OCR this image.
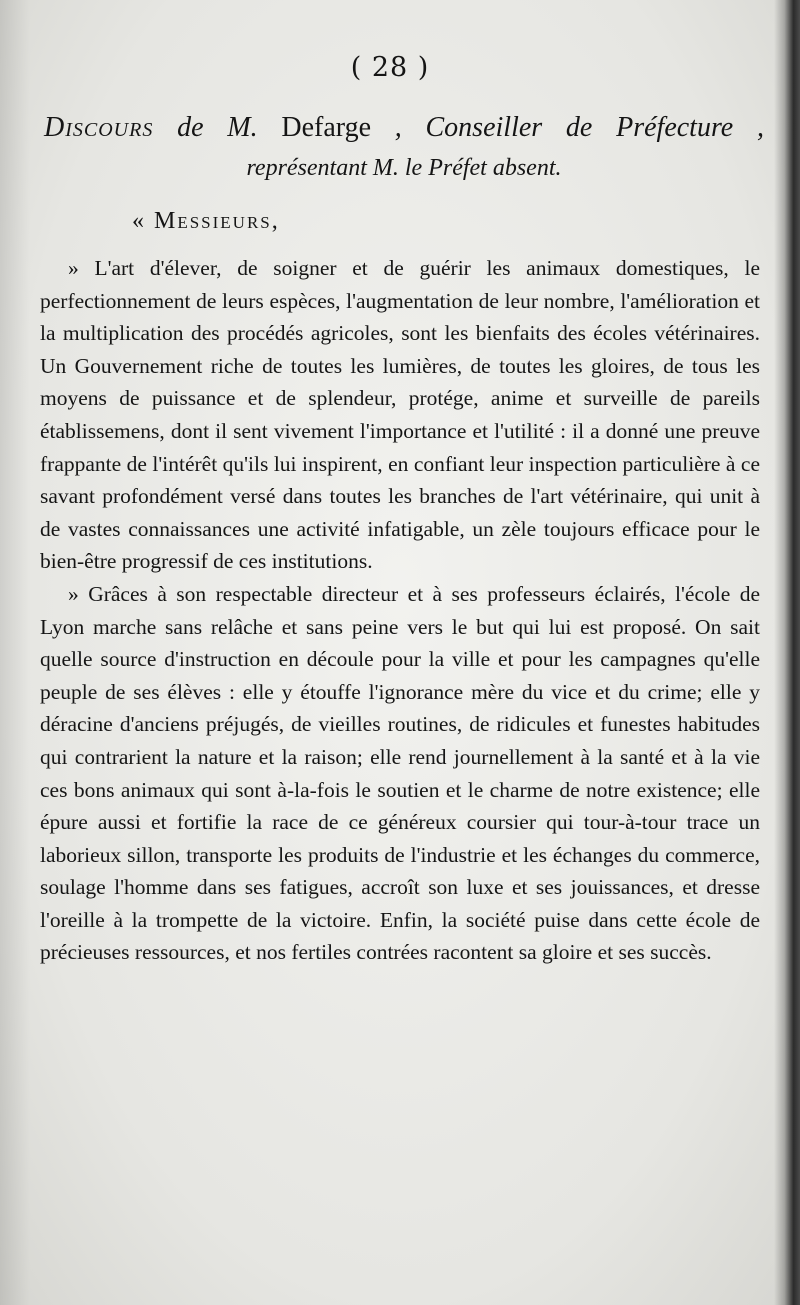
( 28 )
Discours de M. Defarge , Conseiller de Préfecture ,
représentant M. le Préfet absent.
« Messieurs,

» L'art d'élever, de soigner et de guérir les animaux domestiques, le perfectionnement de leurs espèces, l'augmentation de leur nombre, l'amélioration et la multiplication des procédés agricoles, sont les bienfaits des écoles vétérinaires. Un Gouvernement riche de toutes les lumières, de toutes les gloires, de tous les moyens de puissance et de splendeur, protége, anime et surveille de pareils établissemens, dont il sent vivement l'importance et l'utilité : il a donné une preuve frappante de l'intérêt qu'ils lui inspirent, en confiant leur inspection particulière à ce savant profondément versé dans toutes les branches de l'art vétérinaire, qui unit à de vastes connaissances une activité infatigable, un zèle toujours efficace pour le bien-être progressif de ces institutions.

» Grâces à son respectable directeur et à ses professeurs éclairés, l'école de Lyon marche sans relâche et sans peine vers le but qui lui est proposé. On sait quelle source d'instruction en découle pour la ville et pour les campagnes qu'elle peuple de ses élèves : elle y étouffe l'ignorance mère du vice et du crime; elle y déracine d'anciens préjugés, de vieilles routines, de ridicules et funestes habitudes qui contrarient la nature et la raison; elle rend journellement à la santé et à la vie ces bons animaux qui sont à-la-fois le soutien et le charme de notre existence; elle épure aussi et fortifie la race de ce généreux coursier qui tour-à-tour trace un laborieux sillon, transporte les produits de l'industrie et les échanges du commerce, soulage l'homme dans ses fatigues, accroît son luxe et ses jouissances, et dresse l'oreille à la trompette de la victoire. Enfin, la société puise dans cette école de précieuses ressources, et nos fertiles contrées racontent sa gloire et ses succès.
